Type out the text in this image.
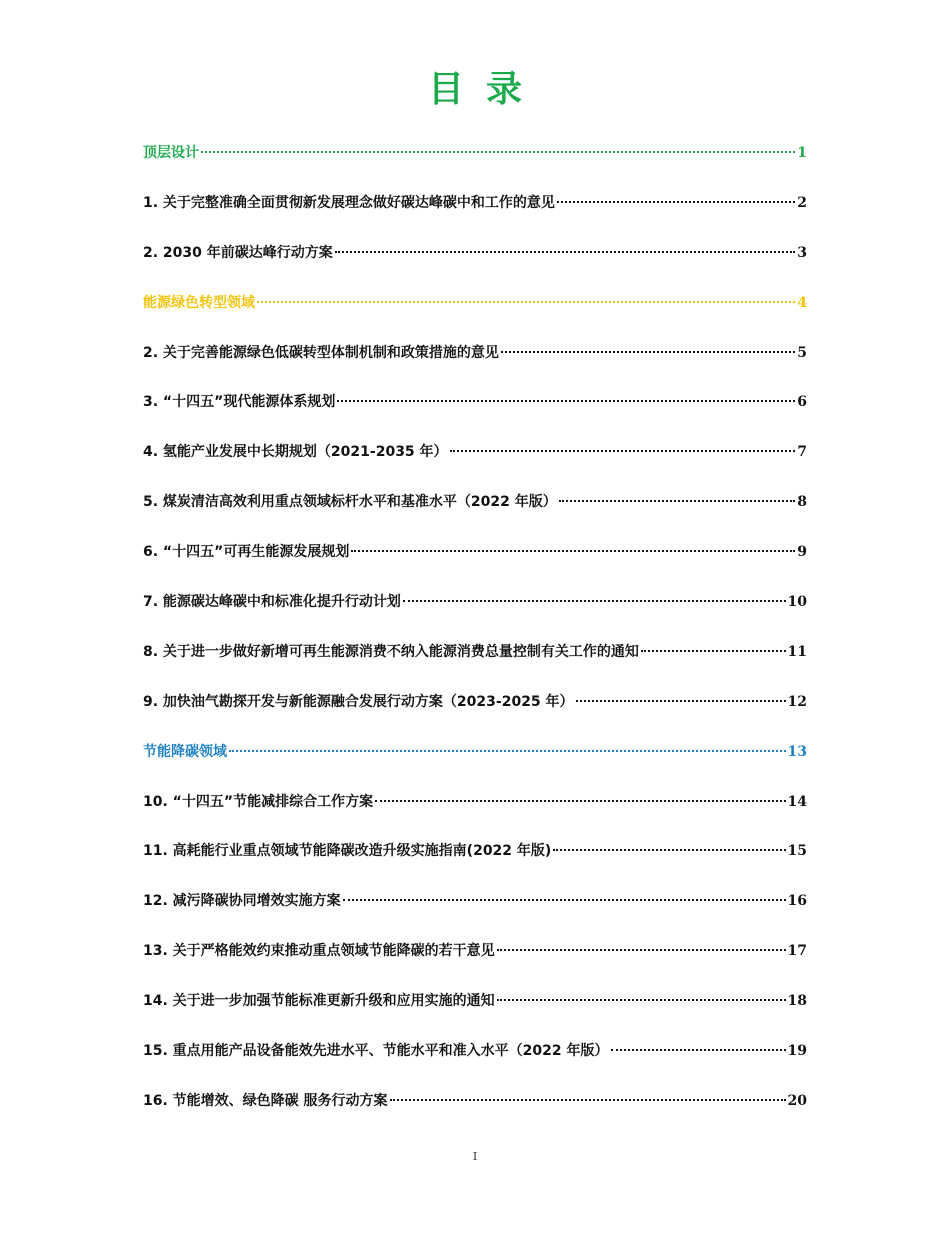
目录
顶层设计	1
1. 关于完整准确全面贯彻新发展理念做好碳达峰碳中和工作的意见	2
2. 2030 年前碳达峰行动方案	3
能源绿色转型领域	4
2. 关于完善能源绿色低碳转型体制机制和政策措施的意见	5
3. “十四五”现代能源体系规划	6
4. 氢能产业发展中长期规划（2021-2035 年）	7
5. 煤炭清洁高效利用重点领域标杆水平和基准水平（2022 年版）	8
6. “十四五”可再生能源发展规划	9
7. 能源碳达峰碳中和标准化提升行动计划	10
8. 关于进一步做好新增可再生能源消费不纳入能源消费总量控制有关工作的通知	11
9. 加快油气勘探开发与新能源融合发展行动方案（2023-2025 年）	12
节能降碳领域	13
10. “十四五”节能减排综合工作方案	14
11. 高耗能行业重点领域节能降碳改造升级实施指南(2022 年版)	15
12. 减污降碳协同增效实施方案	16
13. 关于严格能效约束推动重点领域节能降碳的若干意见	17
14. 关于进一步加强节能标准更新升级和应用实施的通知	18
15. 重点用能产品设备能效先进水平、节能水平和准入水平（2022 年版）	19
16. 节能增效、绿色降碳 服务行动方案	20
I
